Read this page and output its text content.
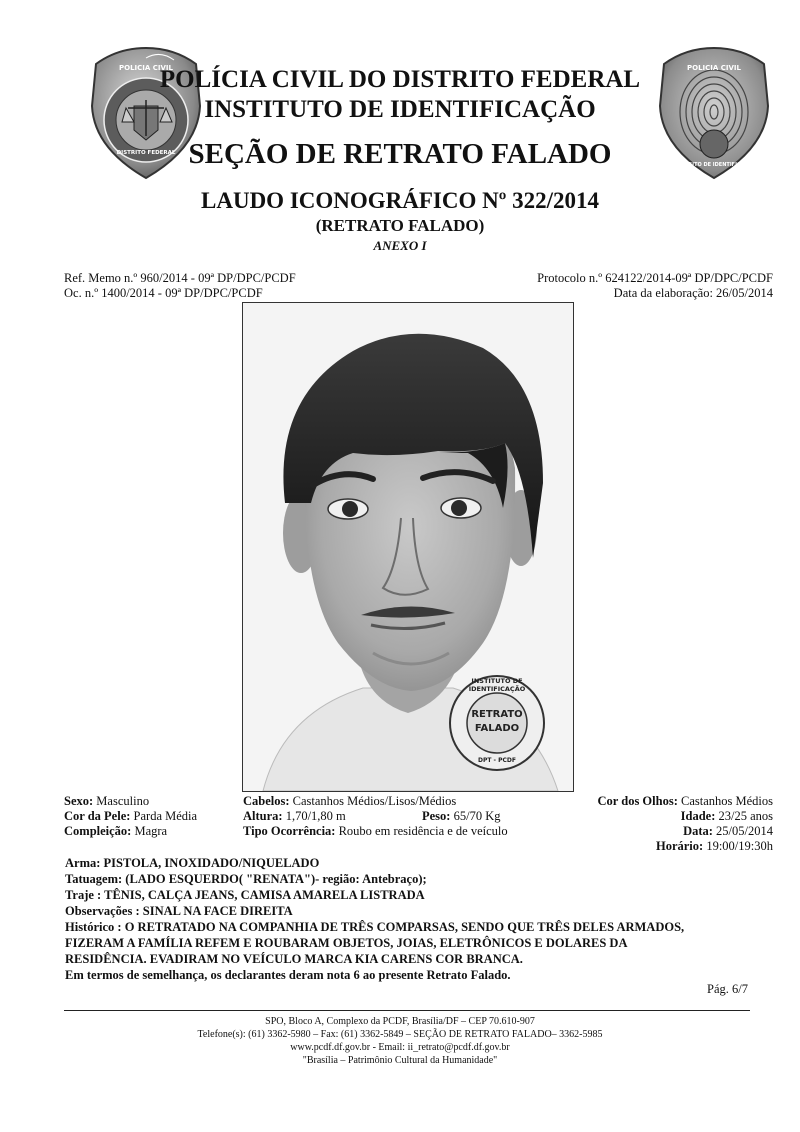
POLICIA CIVIL
DISTRITO FEDERAL
POLICIA CIVIL
INSTITUTO DE IDENTIFICAÇÃO
POLÍCIA CIVIL DO DISTRITO FEDERAL
INSTITUTO DE IDENTIFICAÇÃO
SEÇÃO DE RETRATO FALADO
LAUDO ICONOGRÁFICO Nº 322/2014
(RETRATO FALADO)
ANEXO I
Ref. Memo n.º 960/2014 - 09ª DP/DPC/PCDF
Oc. n.º 1400/2014 - 09ª DP/DPC/PCDF
Protocolo n.º 624122/2014-09ª DP/DPC/PCDF
Data da elaboração: 26/05/2014
INSTITUTO DE IDENTIFICAÇÃO
RETRATO
FALADO
DPT - PCDF
Sexo: Masculino
Cor da Pele: Parda Média
Compleição: Magra
Cabelos: Castanhos Médios/Lisos/Médios
Altura: 1,70/1,80 m	Peso: 65/70 Kg
Tipo Ocorrência: Roubo em residência e de veículo
Cor dos Olhos: Castanhos Médios
Idade: 23/25 anos
Data: 25/05/2014
Horário: 19:00/19:30h
Arma: PISTOLA, INOXIDADO/NIQUELADO
Tatuagem: (LADO ESQUERDO( "RENATA")- região: Antebraço);
Traje : TÊNIS, CALÇA JEANS, CAMISA AMARELA LISTRADA
Observações : SINAL NA FACE DIREITA
Histórico : O RETRATADO NA COMPANHIA DE TRÊS COMPARSAS, SENDO QUE TRÊS DELES ARMADOS,
FIZERAM A FAMÍLIA REFEM E ROUBARAM OBJETOS, JOIAS, ELETRÔNICOS E DOLARES DA
RESIDÊNCIA. EVADIRAM NO VEÍCULO MARCA KIA CARENS COR BRANCA.
Em termos de semelhança, os declarantes deram nota 6 ao presente Retrato Falado.
Pág. 6/7
SPO, Bloco A, Complexo da PCDF, Brasília/DF – CEP 70.610-907
Telefone(s): (61) 3362-5980 – Fax: (61) 3362-5849 – SEÇÃO DE RETRATO FALADO– 3362-5985
www.pcdf.df.gov.br - Email: ii_retrato@pcdf.df.gov.br
"Brasília – Patrimônio Cultural da Humanidade"
